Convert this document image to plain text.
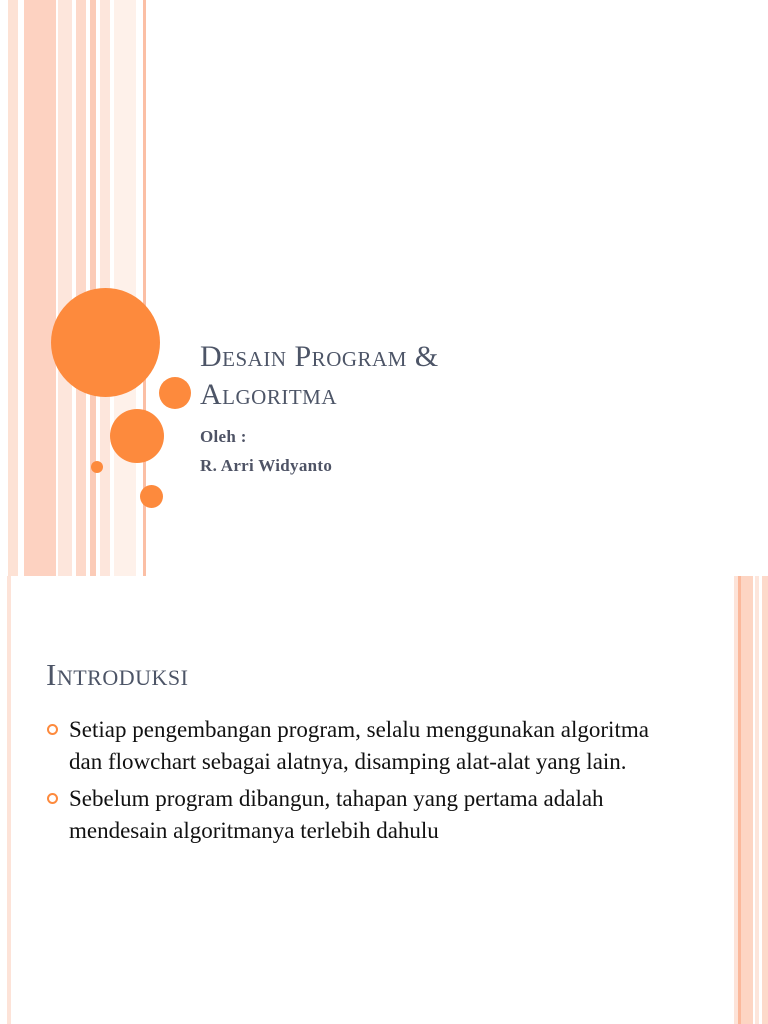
Desain Program &
Algoritma
Oleh :
R. Arri Widyanto
Introduksi
Setiap pengembangan program, selalu menggunakan algoritma dan flowchart sebagai alatnya, disamping alat-alat yang lain.
Sebelum program dibangun, tahapan yang pertama adalah mendesain algoritmanya terlebih dahulu
